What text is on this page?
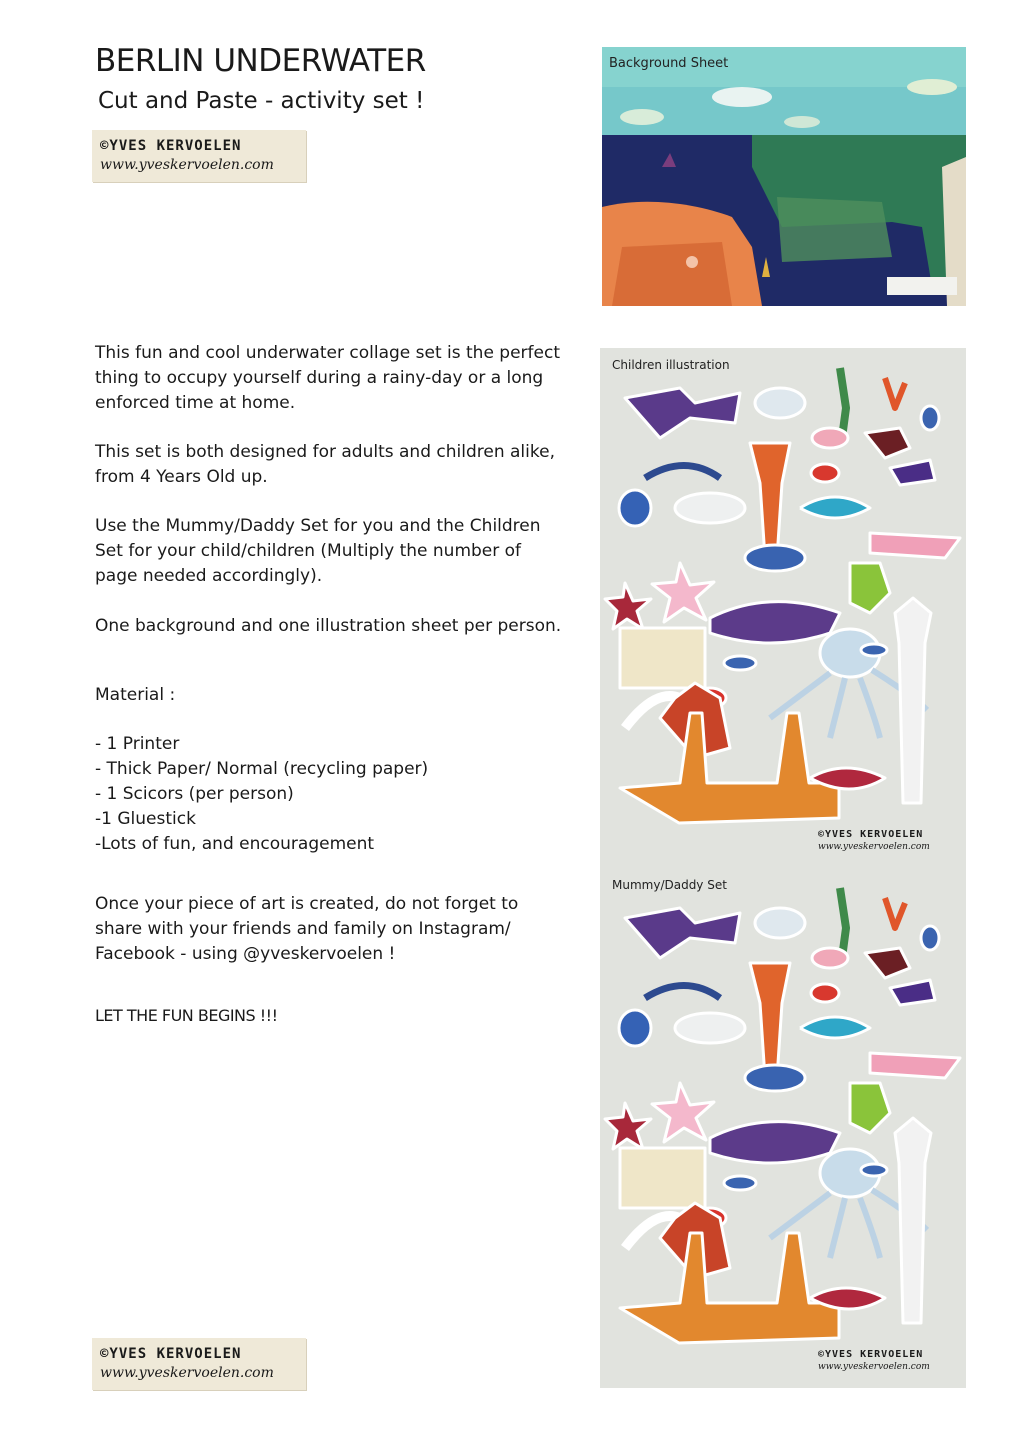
BERLIN UNDERWATER
Cut and Paste - activity set !
©YVES KERVOELEN
www.yveskervoelen.com

This fun and cool underwater collage set is the perfect thing to occupy yourself during a rainy-day or a long enforced time at home.

This set is both designed for adults and children alike, from 4 Years Old up.

Use the Mummy/Daddy Set for you and the Children Set for your child/children (Multiply the number of page needed accordingly).

One background and one illustration sheet per person.

Material :

- 1 Printer
- Thick Paper/ Normal (recycling paper)
- 1 Scicors (per person)
-1 Gluestick
-Lots of fun, and encouragement

Once your piece of art is created, do not forget to share with your friends and family on Instagram/ Facebook - using @yveskervoelen !

LET THE FUN BEGINS !!!

©YVES KERVOELEN
www.yveskervoelen.com
Background Sheet
Children illustration
©YVES KERVOELEN
www.yveskervoelen.com
Mummy/Daddy Set
©YVES KERVOELEN
www.yveskervoelen.com
